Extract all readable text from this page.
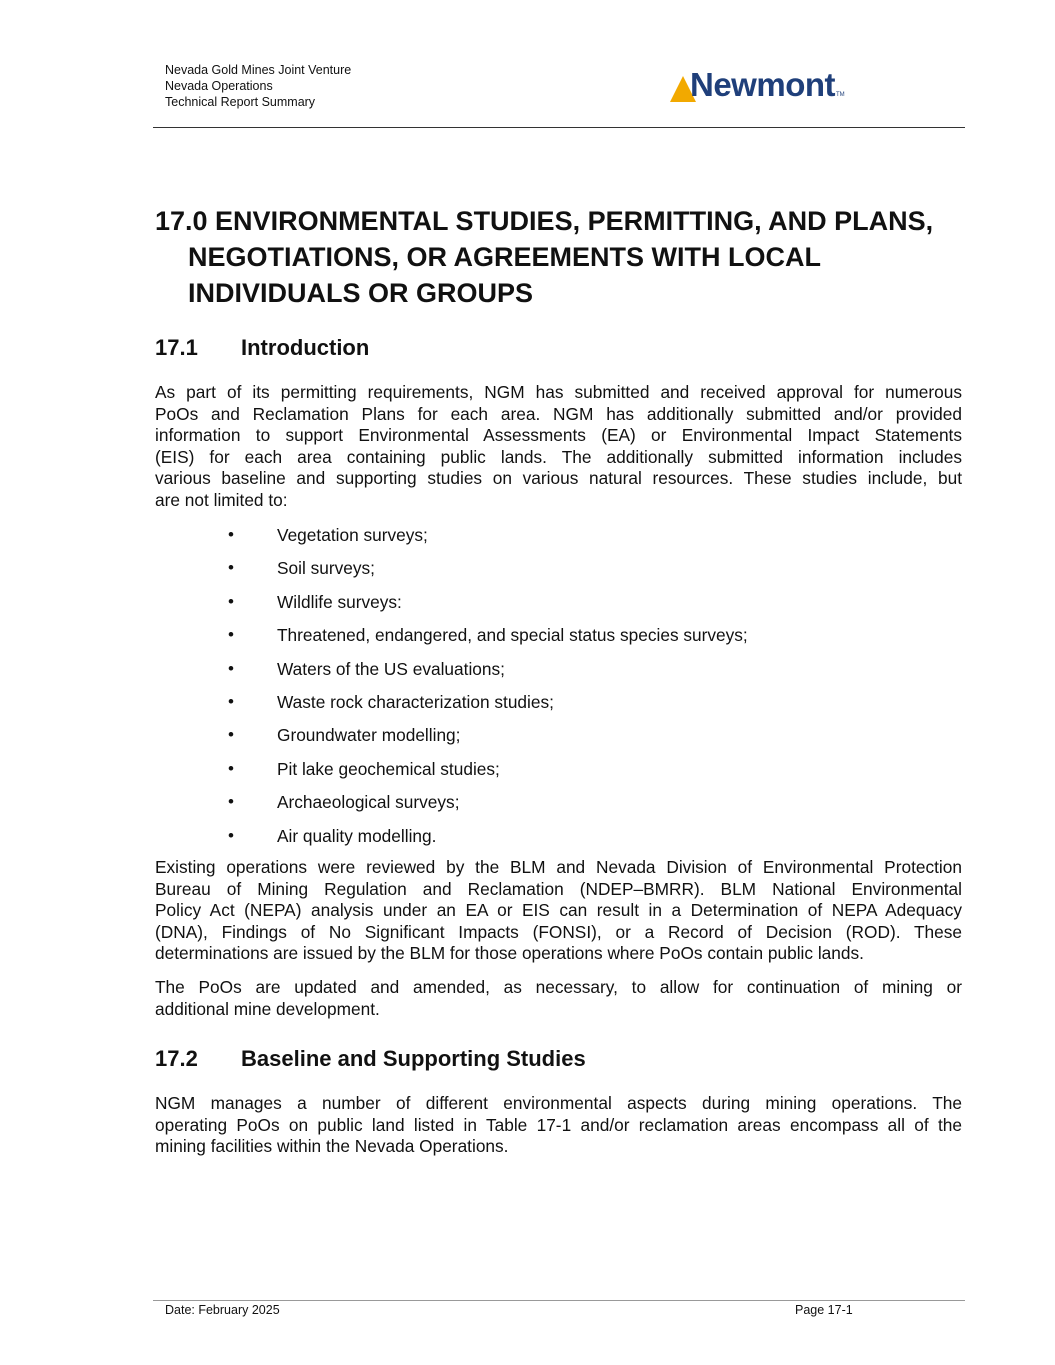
Nevada Gold Mines Joint Venture
Nevada Operations
Technical Report Summary	Newmont TM
17.0 ENVIRONMENTAL STUDIES, PERMITTING, AND PLANS,
NEGOTIATIONS, OR AGREEMENTS WITH LOCAL
INDIVIDUALS OR GROUPS
17.1 Introduction
As part of its permitting requirements, NGM has submitted and received approval for numerous
PoOs and Reclamation Plans for each area. NGM has additionally submitted and/or provided
information to support Environmental Assessments (EA) or Environmental Impact Statements
(EIS) for each area containing public lands. The additionally submitted information includes
various baseline and supporting studies on various natural resources. These studies include, but
are not limited to:
• Vegetation surveys;
• Soil surveys;
• Wildlife surveys:
• Threatened, endangered, and special status species surveys;
• Waters of the US evaluations;
• Waste rock characterization studies;
• Groundwater modelling;
• Pit lake geochemical studies;
• Archaeological surveys;
• Air quality modelling.
Existing operations were reviewed by the BLM and Nevada Division of Environmental Protection
Bureau of Mining Regulation and Reclamation (NDEP–BMRR). BLM National Environmental
Policy Act (NEPA) analysis under an EA or EIS can result in a Determination of NEPA Adequacy
(DNA), Findings of No Significant Impacts (FONSI), or a Record of Decision (ROD). These
determinations are issued by the BLM for those operations where PoOs contain public lands.
The PoOs are updated and amended, as necessary, to allow for continuation of mining or
additional mine development.
17.2 Baseline and Supporting Studies
NGM manages a number of different environmental aspects during mining operations. The
operating PoOs on public land listed in Table 17-1 and/or reclamation areas encompass all of the
mining facilities within the Nevada Operations.
Date: February 2025	Page 17-1
